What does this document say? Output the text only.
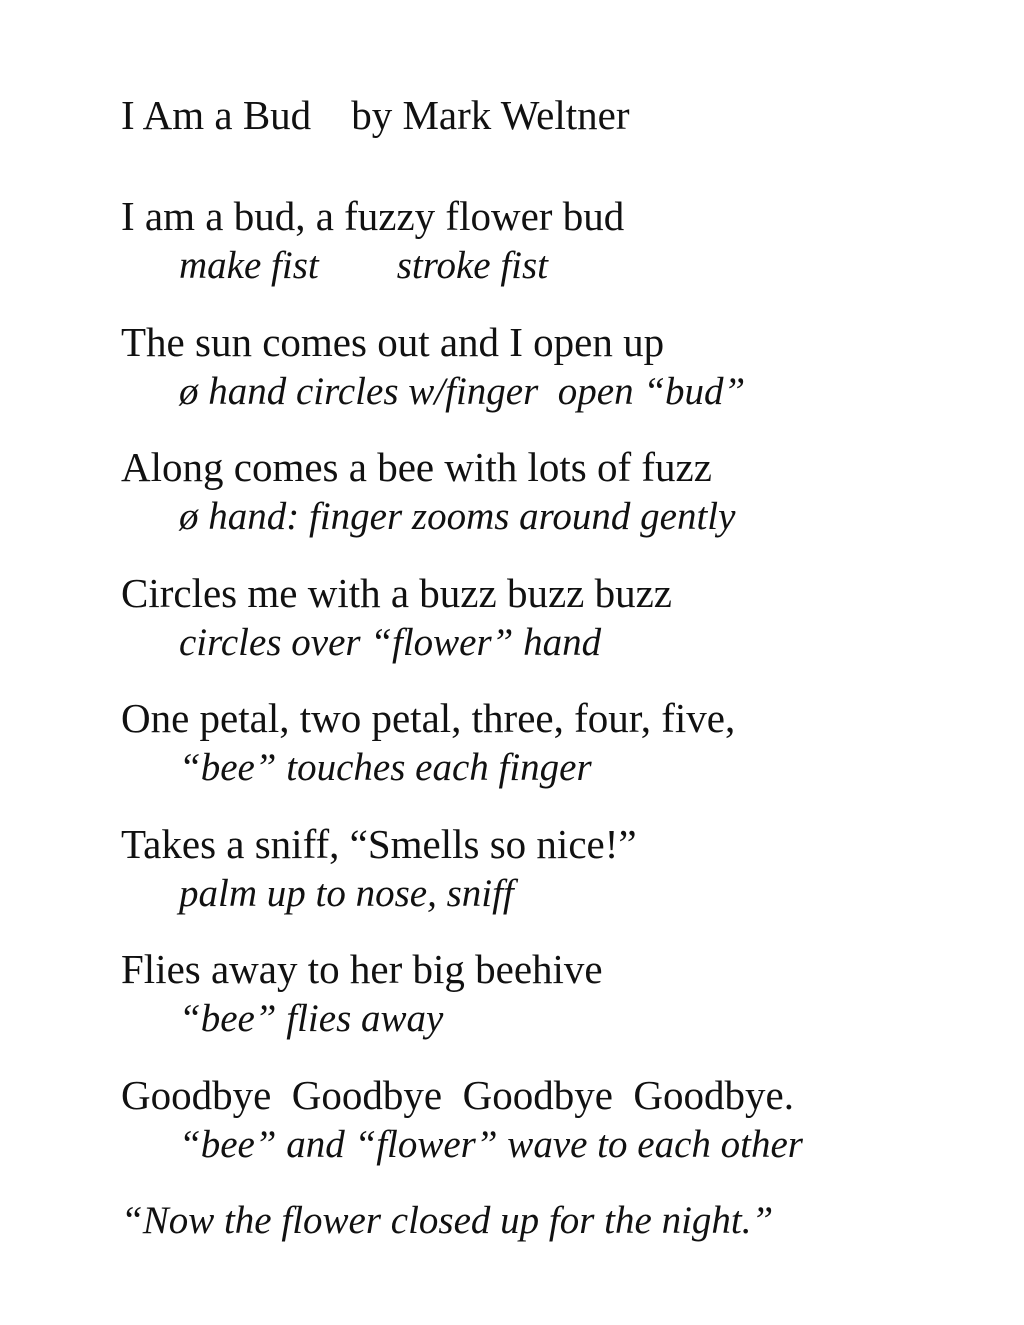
I Am a Bud by Mark Weltner
I am a bud, a fuzzy flower bud
make fist stroke fist
The sun comes out and I open up
ø hand circles w/finger  open “bud”
Along comes a bee with lots of fuzz
ø hand: finger zooms around gently
Circles me with a buzz buzz buzz
circles over “flower” hand
One petal, two petal, three, four, five,
“bee” touches each finger
Takes a sniff, “Smells so nice!”
palm up to nose, sniff
Flies away to her big beehive
“bee” flies away
Goodbye  Goodbye  Goodbye  Goodbye.
“bee” and “flower” wave to each other
“Now the flower closed up for the night.”
